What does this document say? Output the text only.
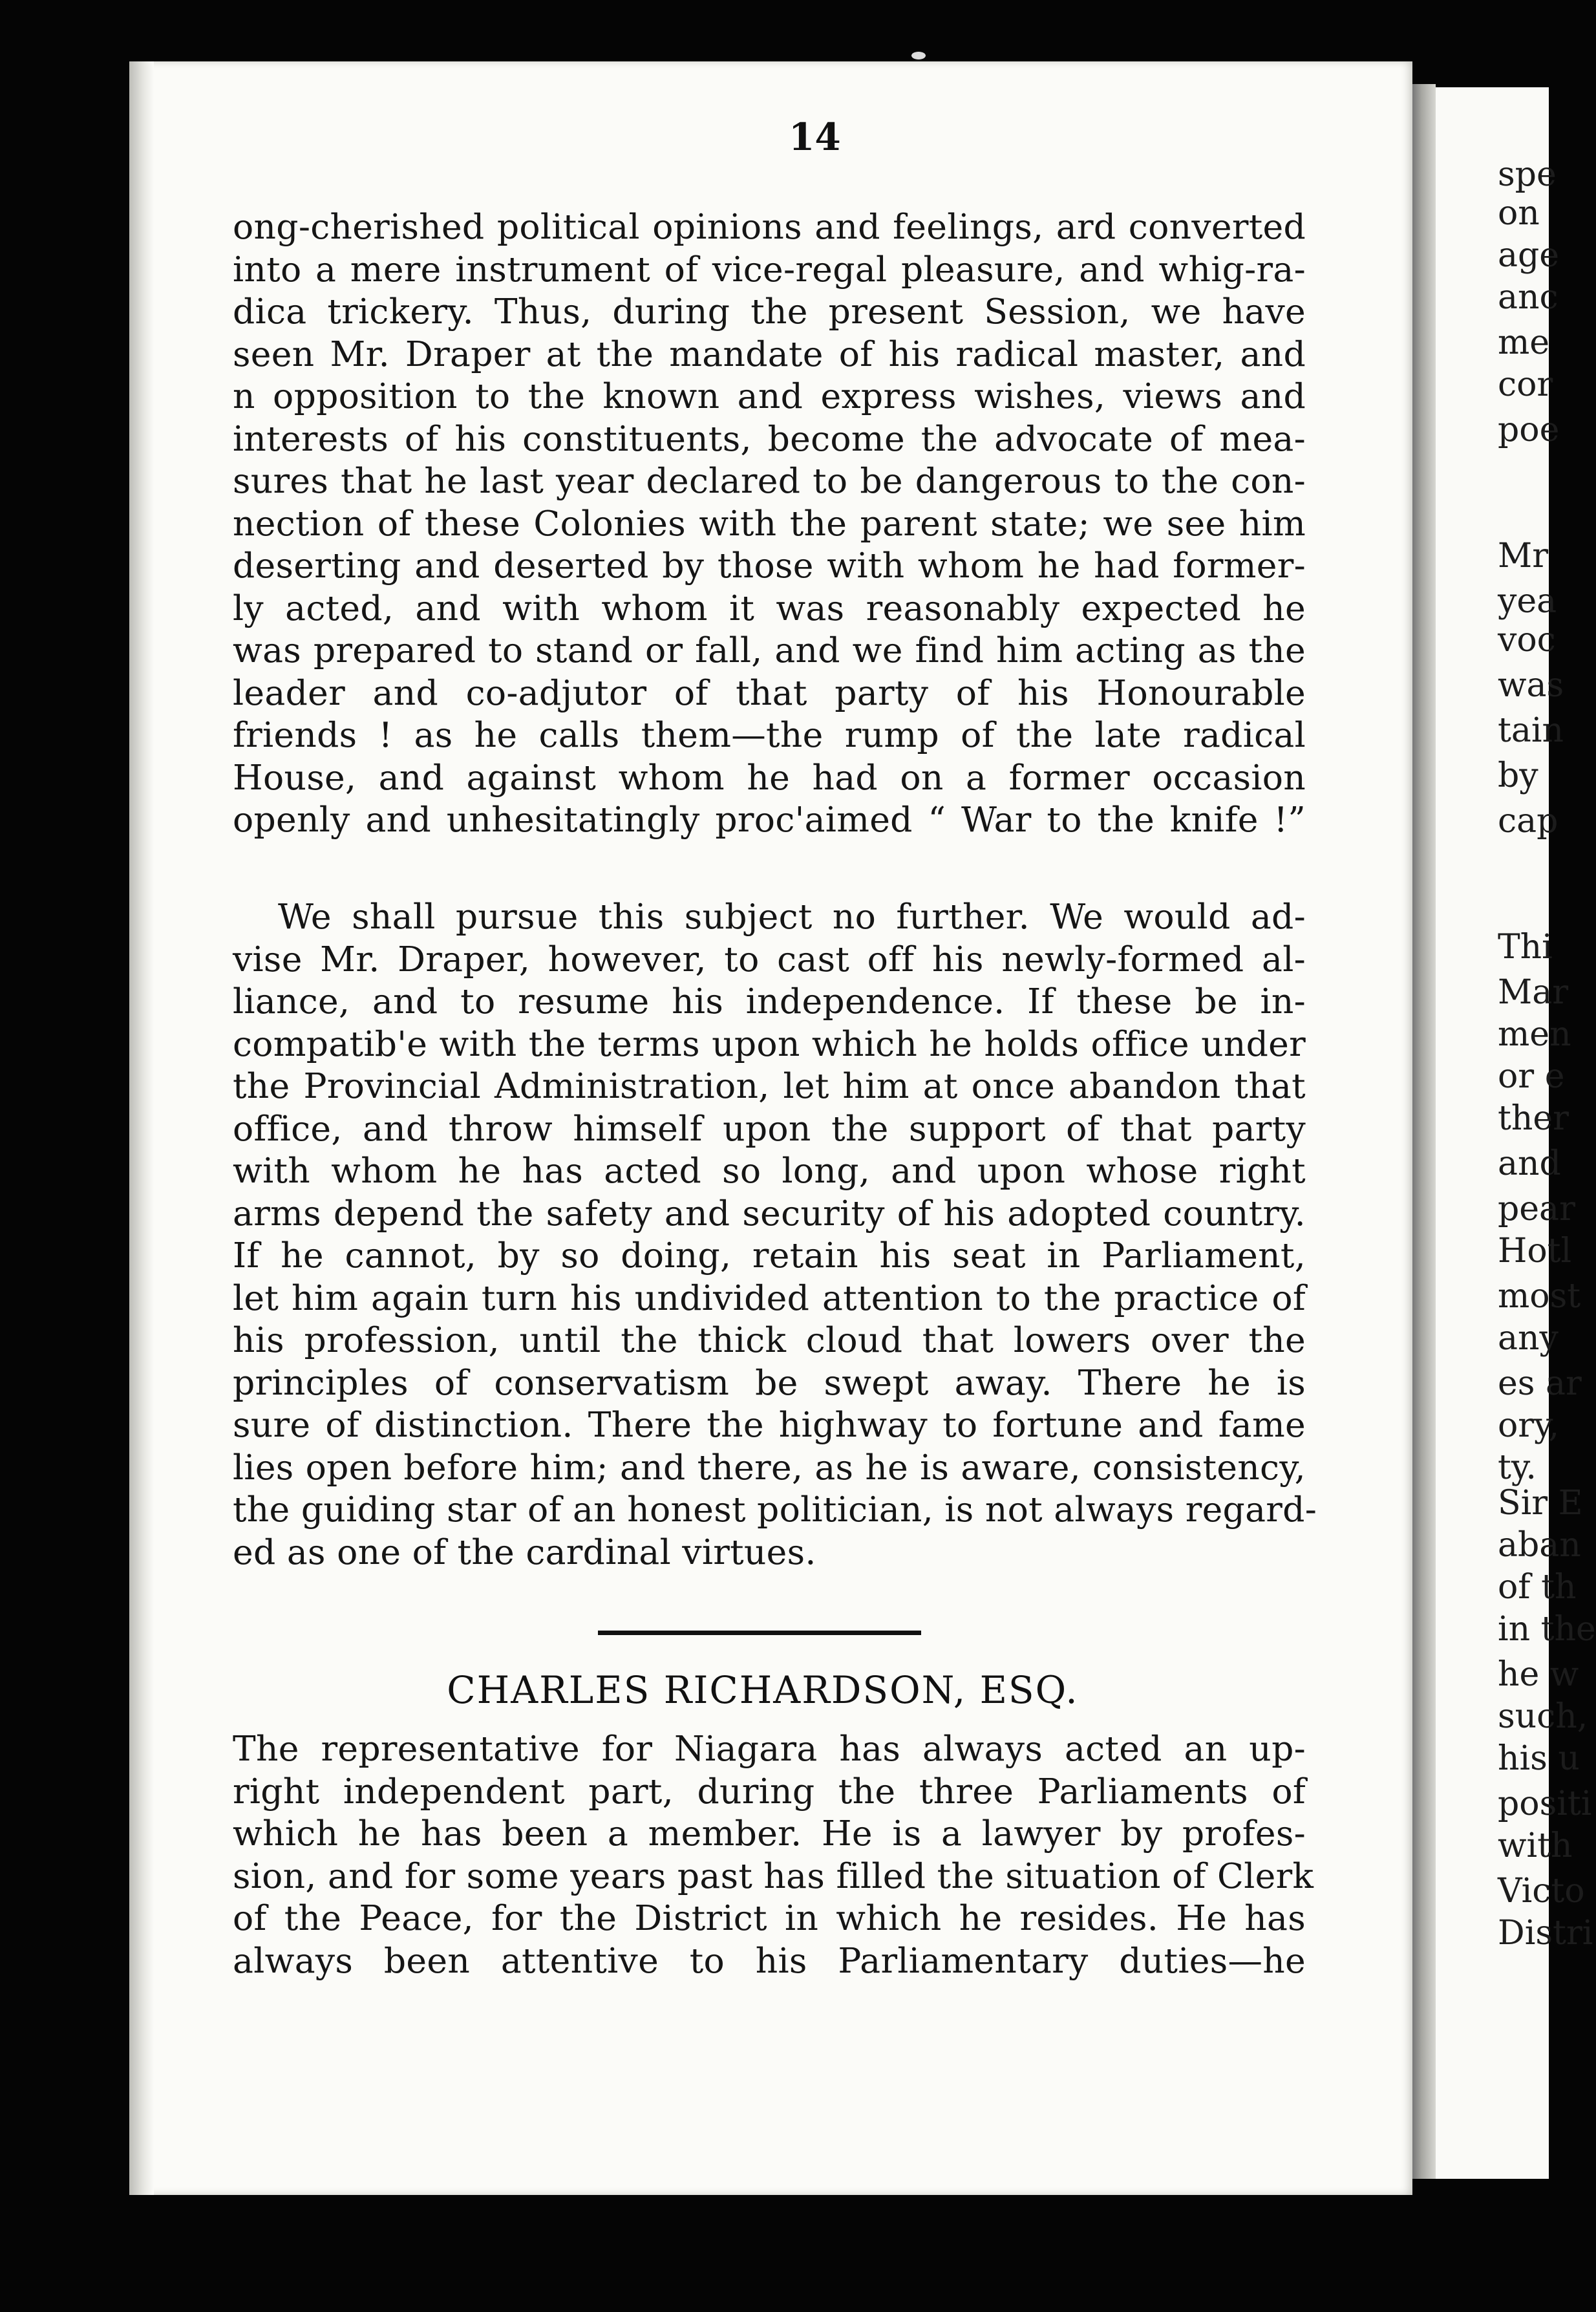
spe
on
age
anc
me
cor
poe
Mr
yea
voc
was
tain
by
cap
Thi
Mar
men
or e
ther
and
pear
Hotl
most
any
es ar
ory,
ty.
Sir E
aban
of th
in the
he w
such,
his u
positi
with
Victo
Distri
14
ong-cherished political opinions and feelings, ard converted
into a mere instrument of vice-regal pleasure, and whig-ra-
dica trickery. Thus, during the present Session, we have
seen Mr. Draper at the mandate of his radical master, and
n opposition to the known and express wishes, views and
interests of his constituents, become the advocate of mea-
sures that he last year declared to be dangerous to the con-
nection of these Colonies with the parent state; we see him
deserting and deserted by those with whom he had former-
ly acted, and with whom it was reasonably expected he
was prepared to stand or fall, and we find him acting as the
leader and co-adjutor of that party of his Honourable
friends ! as he calls them—the rump of the late radical
House, and against whom he had on a former occasion
openly and unhesitatingly proc'aimed “ War to the knife !”
We shall pursue this subject no further. We would ad-
vise Mr. Draper, however, to cast off his newly-formed al-
liance, and to resume his independence. If these be in-
compatib'e with the terms upon which he holds office under
the Provincial Administration, let him at once abandon that
office, and throw himself upon the support of that party
with whom he has acted so long, and upon whose right
arms depend the safety and security of his adopted country.
If he cannot, by so doing, retain his seat in Parliament,
let him again turn his undivided attention to the practice of
his profession, until the thick cloud that lowers over the
principles of conservatism be swept away. There he is
sure of distinction. There the highway to fortune and fame
lies open before him; and there, as he is aware, consistency,
the guiding star of an honest politician, is not always regard-
ed as one of the cardinal virtues.
CHARLES RICHARDSON, ESQ.
The representative for Niagara has always acted an up-
right independent part, during the three Parliaments of
which he has been a member. He is a lawyer by profes-
sion, and for some years past has filled the situation of Clerk
of the Peace, for the District in which he resides. He has
always been attentive to his Parliamentary duties—he
